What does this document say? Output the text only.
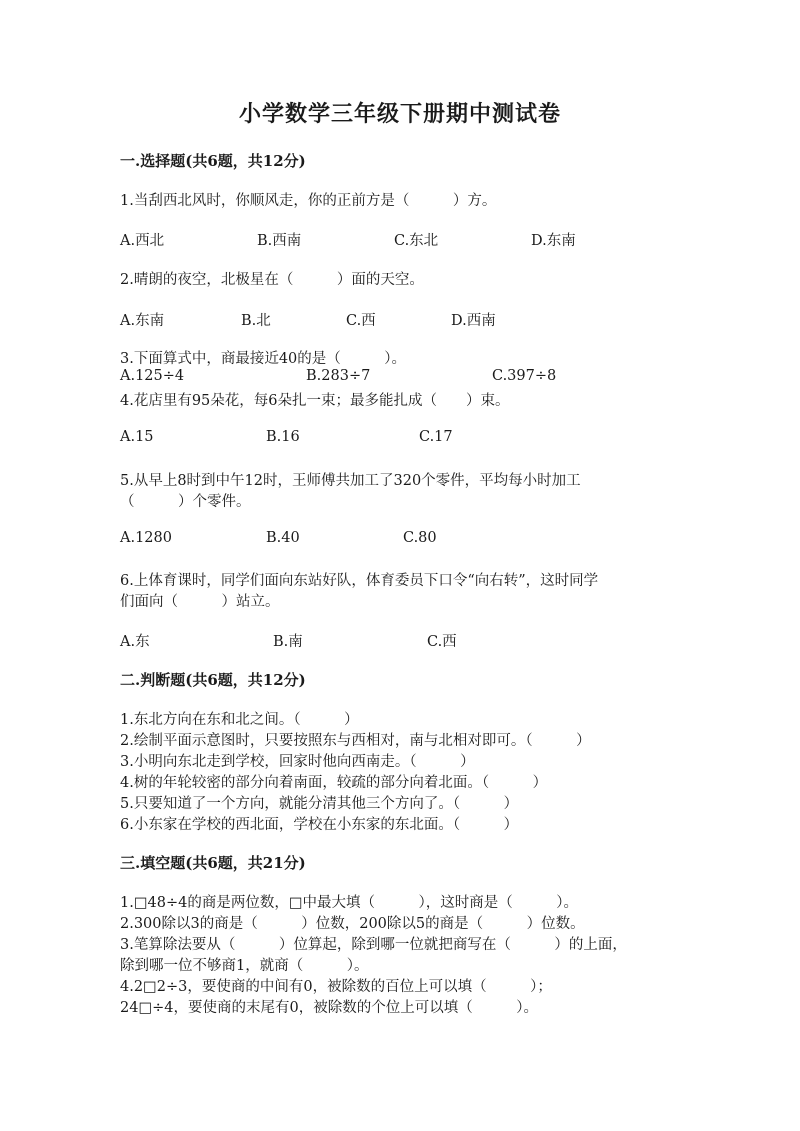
小学数学三年级下册期中测试卷
一.选择题(共6题，共12分)
1.当刮西北风时，你顺风走，你的正前方是（　　　）方。
A.西北	B.西南	C.东北	D.东南
2.晴朗的夜空，北极星在（　　　）面的天空。
A.东南	B.北	C.西	D.西南
3.下面算式中，商最接近40的是（　　　）。
A.125÷4	B.283÷7	C.397÷8
4.花店里有95朵花，每6朵扎一束；最多能扎成（　　）束。
A.15	B.16	C.17
5.从早上8时到中午12时，王师傅共加工了320个零件，平均每小时加工
（　　　）个零件。
A.1280	B.40	C.80
6.上体育课时，同学们面向东站好队，体育委员下口令“向右转”，这时同学
们面向（　　　）站立。
A.东	B.南	C.西
二.判断题(共6题，共12分)
1.东北方向在东和北之间。（　　　）
2.绘制平面示意图时，只要按照东与西相对，南与北相对即可。（　　　）
3.小明向东北走到学校，回家时他向西南走。（　　　）
4.树的年轮较密的部分向着南面，较疏的部分向着北面。（　　　）
5.只要知道了一个方向，就能分清其他三个方向了。（　　　）
6.小东家在学校的西北面，学校在小东家的东北面。（　　　）
三.填空题(共6题，共21分)
1.□48÷4的商是两位数，□中最大填（　　　），这时商是（　　　）。
2.300除以3的商是（　　　）位数，200除以5的商是（　　　）位数。
3.笔算除法要从（　　　）位算起，除到哪一位就把商写在（　　　）的上面，
除到哪一位不够商1，就商（　　　）。
4.2□2÷3，要使商的中间有0，被除数的百位上可以填（　　　）；
24□÷4，要使商的末尾有0，被除数的个位上可以填（　　　）。
